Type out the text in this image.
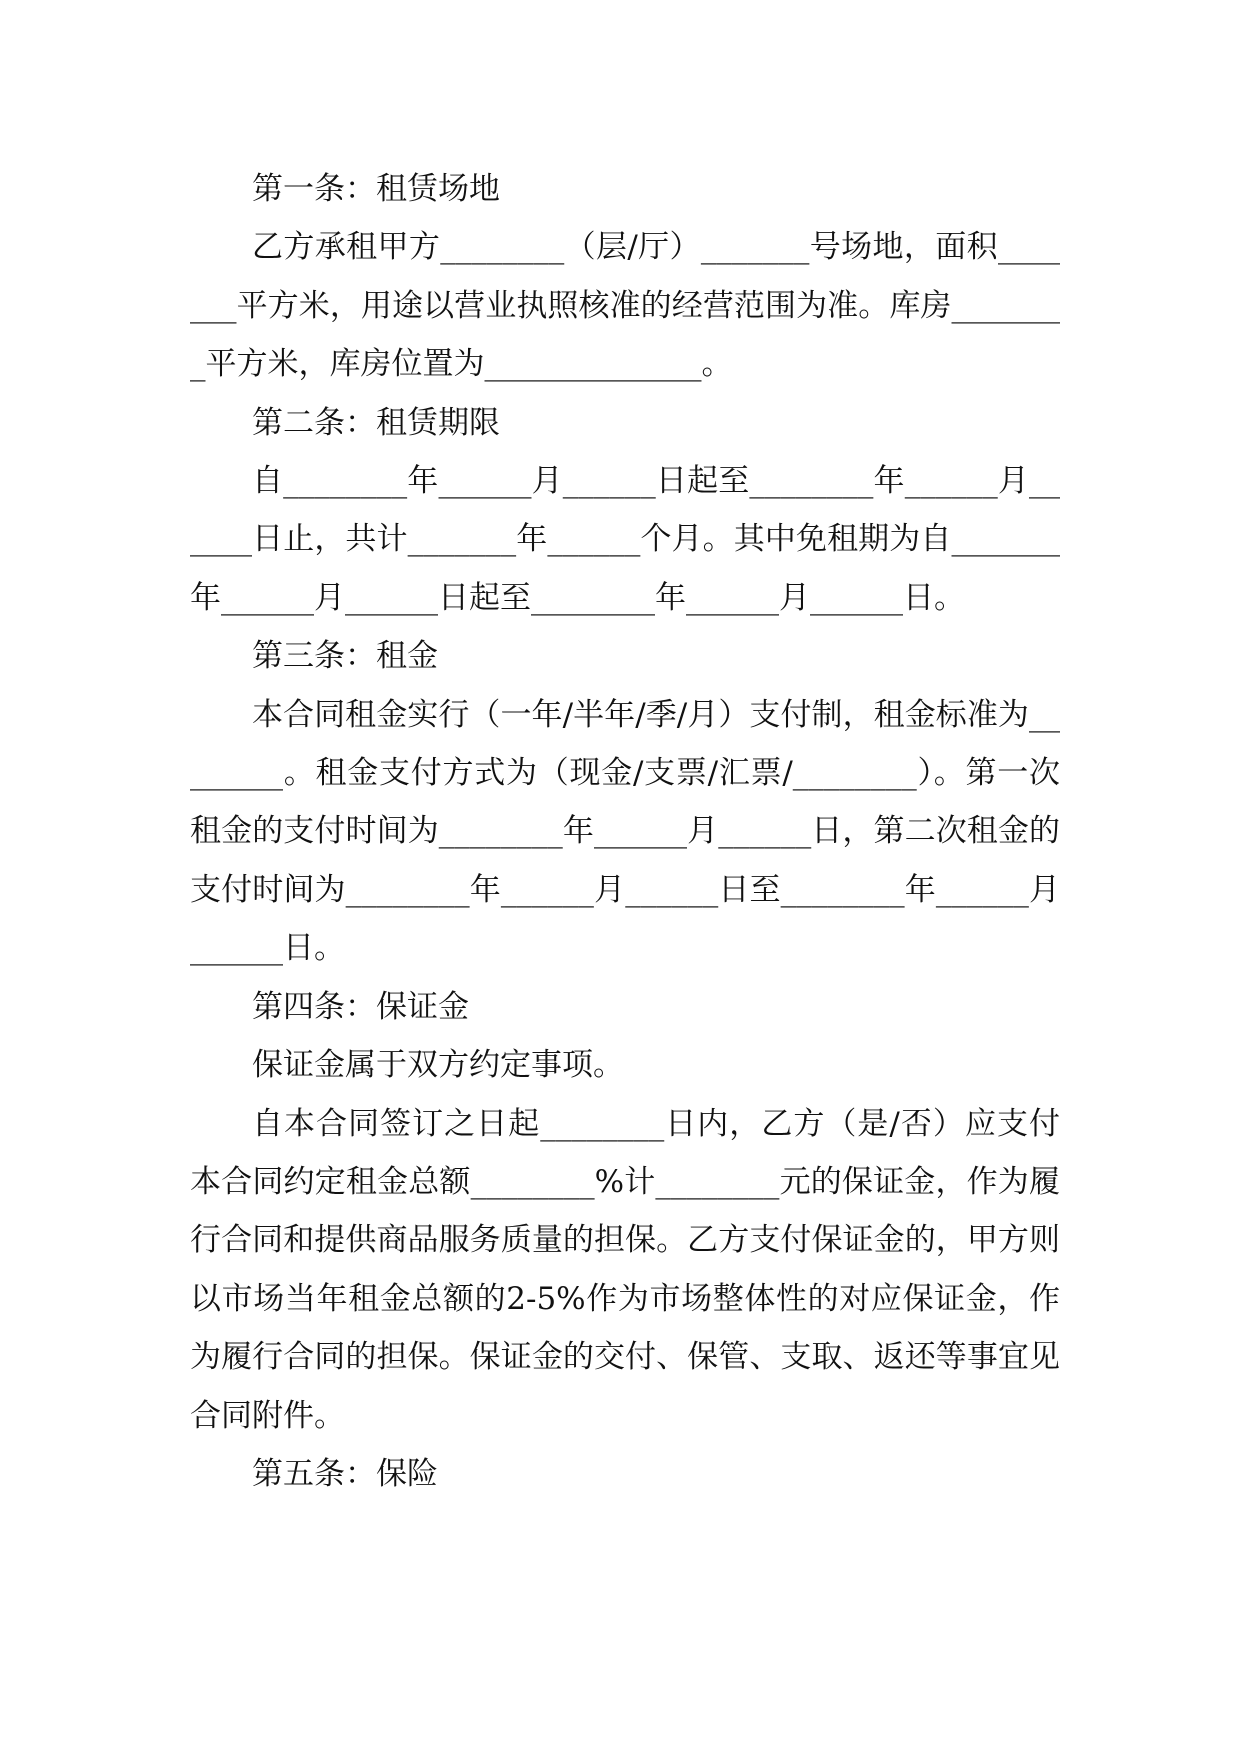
第一条：租赁场地

乙方承租甲方________（层/厅）_______号场地，面积_______平方米，用途以营业执照核准的经营范围为准。库房________平方米，库房位置为______________。

第二条：租赁期限

自________年______月______日起至________年______月______日止，共计_______年______个月。其中免租期为自_______年______月______日起至________年______月______日。

第三条：租金

本合同租金实行（一年/半年/季/月）支付制，租金标准为________。租金支付方式为（现金/支票/汇票/________）。第一次租金的支付时间为________年______月______日，第二次租金的支付时间为________年______月______日至________年______月______日。

第四条：保证金

保证金属于双方约定事项。

自本合同签订之日起________日内，乙方（是/否）应支付本合同约定租金总额________%计________元的保证金，作为履行合同和提供商品服务质量的担保。乙方支付保证金的，甲方则以市场当年租金总额的2-5%作为市场整体性的对应保证金，作为履行合同的担保。保证金的交付、保管、支取、返还等事宜见合同附件。

第五条：保险
